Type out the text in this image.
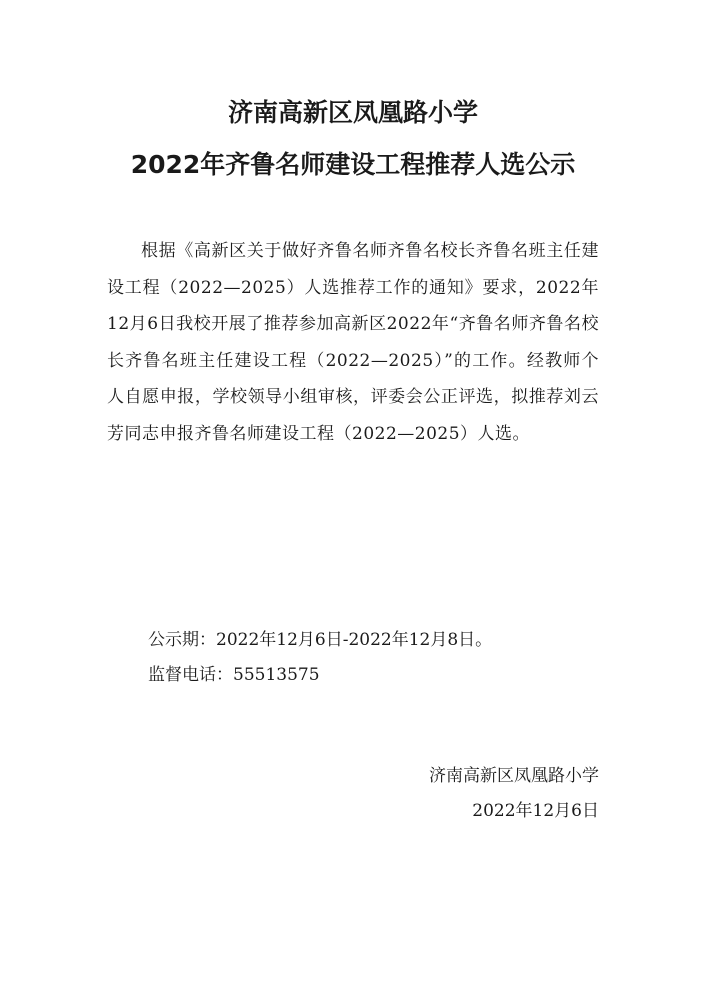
济南高新区凤凰路小学
2022年齐鲁名师建设工程推荐人选公示

根据《高新区关于做好齐鲁名师齐鲁名校长齐鲁名班主任建设工程（2022—2025）人选推荐工作的通知》要求，2022年12月6日我校开展了推荐参加高新区2022年“齐鲁名师齐鲁名校长齐鲁名班主任建设工程（2022—2025）”的工作。经教师个人自愿申报，学校领导小组审核，评委会公正评选，拟推荐刘云芳同志申报齐鲁名师建设工程（2022—2025）人选。

公示期：2022年12月6日-2022年12月8日。
监督电话：55513575
济南高新区凤凰路小学
2022年12月6日
